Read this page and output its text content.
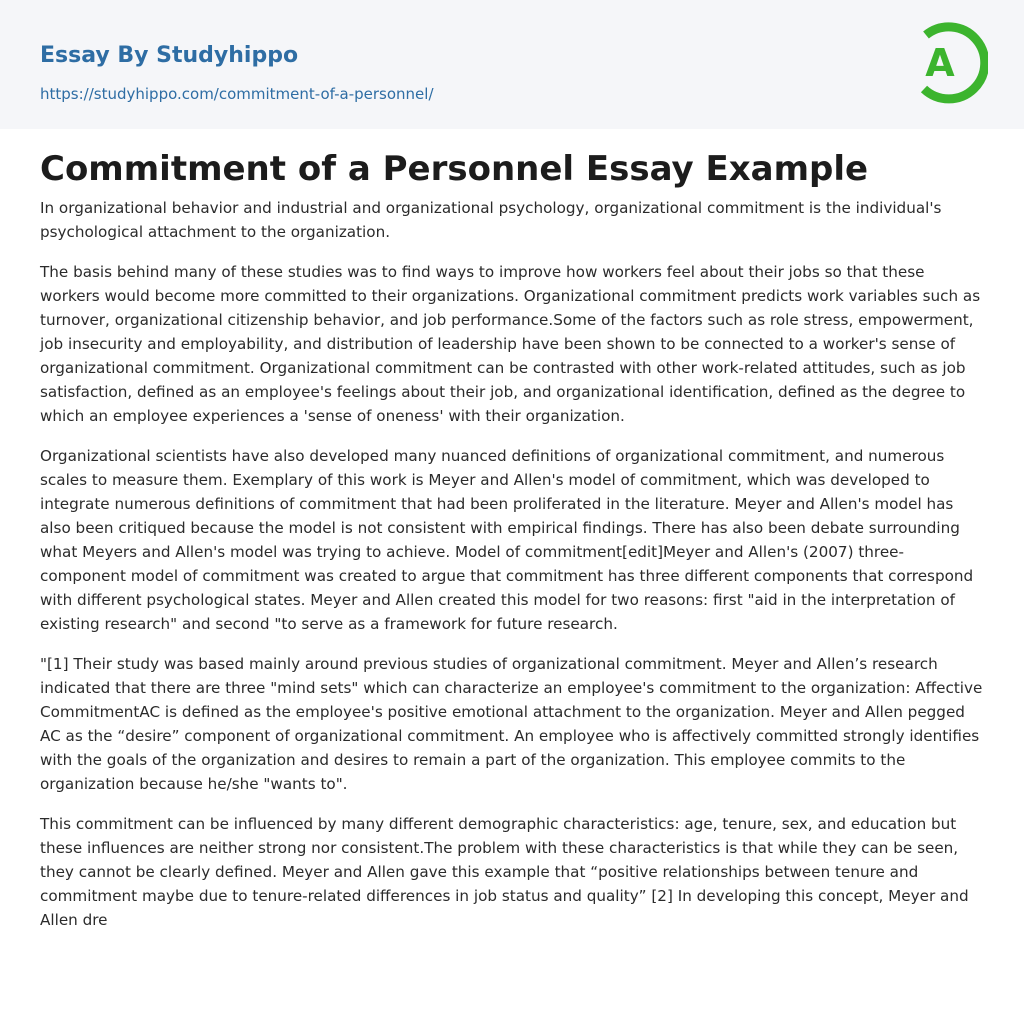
Essay By Studyhippo
https://studyhippo.com/commitment-of-a-personnel/
A
Commitment of a Personnel Essay Example

In organizational behavior and industrial and organizational psychology, organizational commitment is the individual's psychological attachment to the organization.

The basis behind many of these studies was to find ways to improve how workers feel about their jobs so that these workers would become more committed to their organizations. Organizational commitment predicts work variables such as turnover, organizational citizenship behavior, and job performance.Some of the factors such as role stress, empowerment, job insecurity and employability, and distribution of leadership have been shown to be connected to a worker's sense of organizational commitment. Organizational commitment can be contrasted with other work-related attitudes, such as job satisfaction, defined as an employee's feelings about their job, and organizational identification, defined as the degree to which an employee experiences a 'sense of oneness' with their organization.

Organizational scientists have also developed many nuanced definitions of organizational commitment, and numerous scales to measure them. Exemplary of this work is Meyer and Allen's model of commitment, which was developed to integrate numerous definitions of commitment that had been proliferated in the literature. Meyer and Allen's model has also been critiqued because the model is not consistent with empirical findings. There has also been debate surrounding what Meyers and Allen's model was trying to achieve. Model of commitment[edit]Meyer and Allen's (2007) three-component model of commitment was created to argue that commitment has three different components that correspond with different psychological states. Meyer and Allen created this model for two reasons: first "aid in the interpretation of existing research" and second "to serve as a framework for future research.

"[1] Their study was based mainly around previous studies of organizational commitment. Meyer and Allen’s research indicated that there are three "mind sets" which can characterize an employee's commitment to the organization: Affective CommitmentAC is defined as the employee's positive emotional attachment to the organization. Meyer and Allen pegged AC as the “desire” component of organizational commitment. An employee who is affectively committed strongly identifies with the goals of the organization and desires to remain a part of the organization. This employee commits to the organization because he/she "wants to".

This commitment can be influenced by many different demographic characteristics: age, tenure, sex, and education but these influences are neither strong nor consistent.The problem with these characteristics is that while they can be seen, they cannot be clearly defined. Meyer and Allen gave this example that “positive relationships between tenure and commitment maybe due to tenure-related differences in job status and quality” [2] In developing this concept, Meyer and Allen dre
